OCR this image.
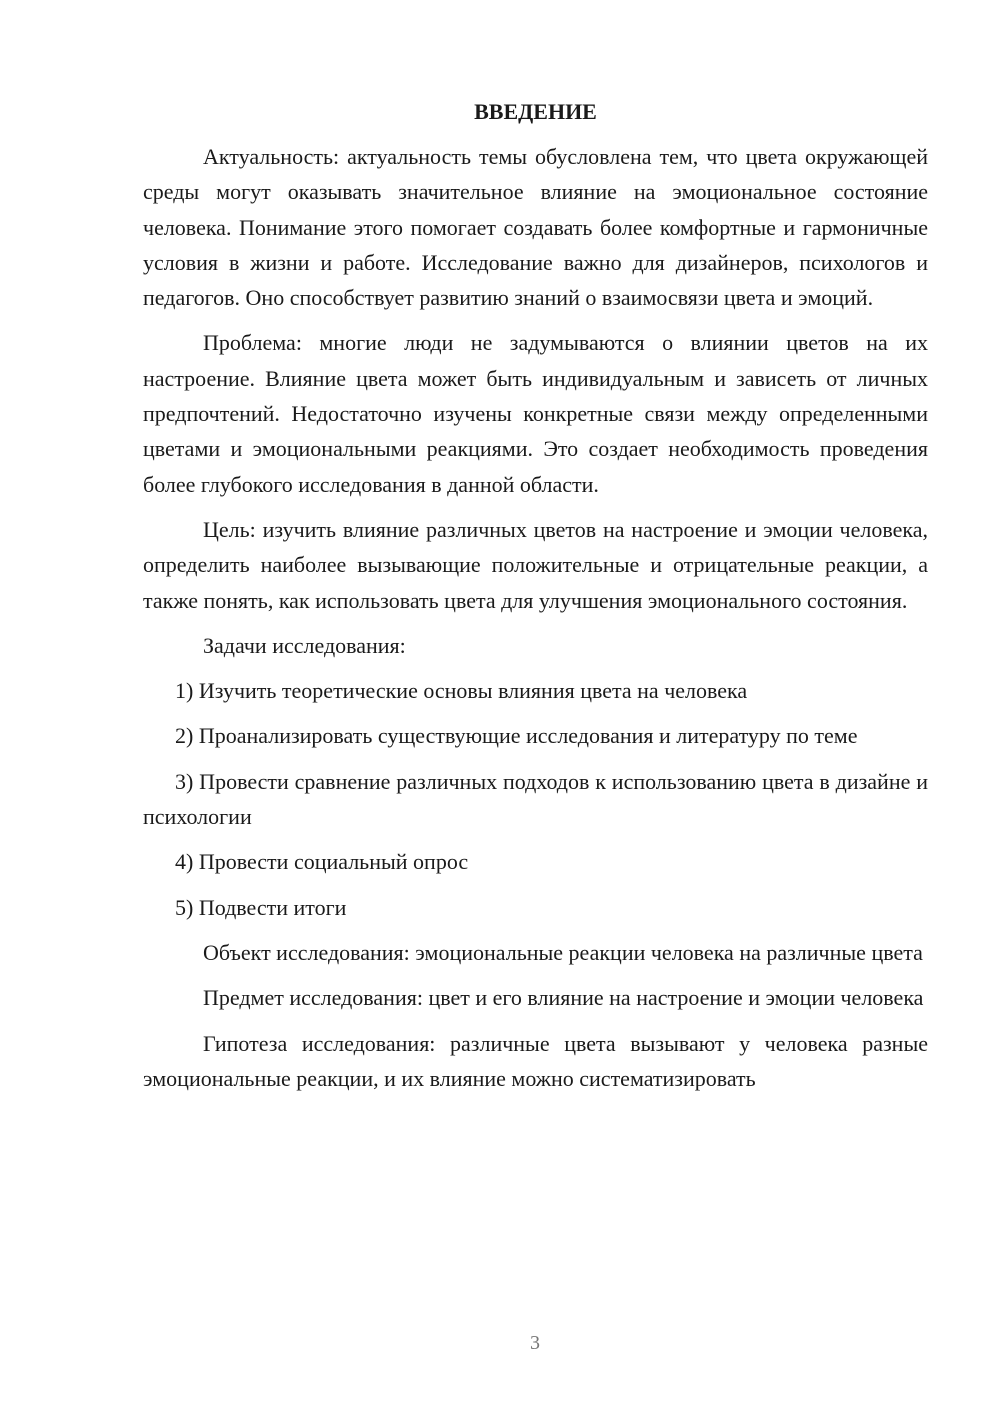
ВВЕДЕНИЕ

Актуальность: актуальность темы обусловлена тем, что цвета окружающей среды могут оказывать значительное влияние на эмоциональное состояние человека. Понимание этого помогает создавать более комфортные и гармоничные условия в жизни и работе. Исследование важно для дизайнеров, психологов и педагогов. Оно способствует развитию знаний о взаимосвязи цвета и эмоций.

Проблема: многие люди не задумываются о влиянии цветов на их настроение. Влияние цвета может быть индивидуальным и зависеть от личных предпочтений. Недостаточно изучены конкретные связи между определенными цветами и эмоциональными реакциями. Это создает необходимость проведения более глубокого исследования в данной области.

Цель: изучить влияние различных цветов на настроение и эмоции человека, определить наиболее вызывающие положительные и отрицательные реакции, а также понять, как использовать цвета для улучшения эмоционального состояния.

Задачи исследования:

1) Изучить теоретические основы влияния цвета на человека

2) Проанализировать существующие исследования и литературу по теме

3) Провести сравнение различных подходов к использованию цвета в дизайне и психологии

4) Провести социальный опрос

5) Подвести итоги

Объект исследования: эмоциональные реакции человека на различные цвета

Предмет исследования: цвет и его влияние на настроение и эмоции человека

Гипотеза исследования: различные цвета вызывают у человека разные эмоциональные реакции, и их влияние можно систематизировать

3
